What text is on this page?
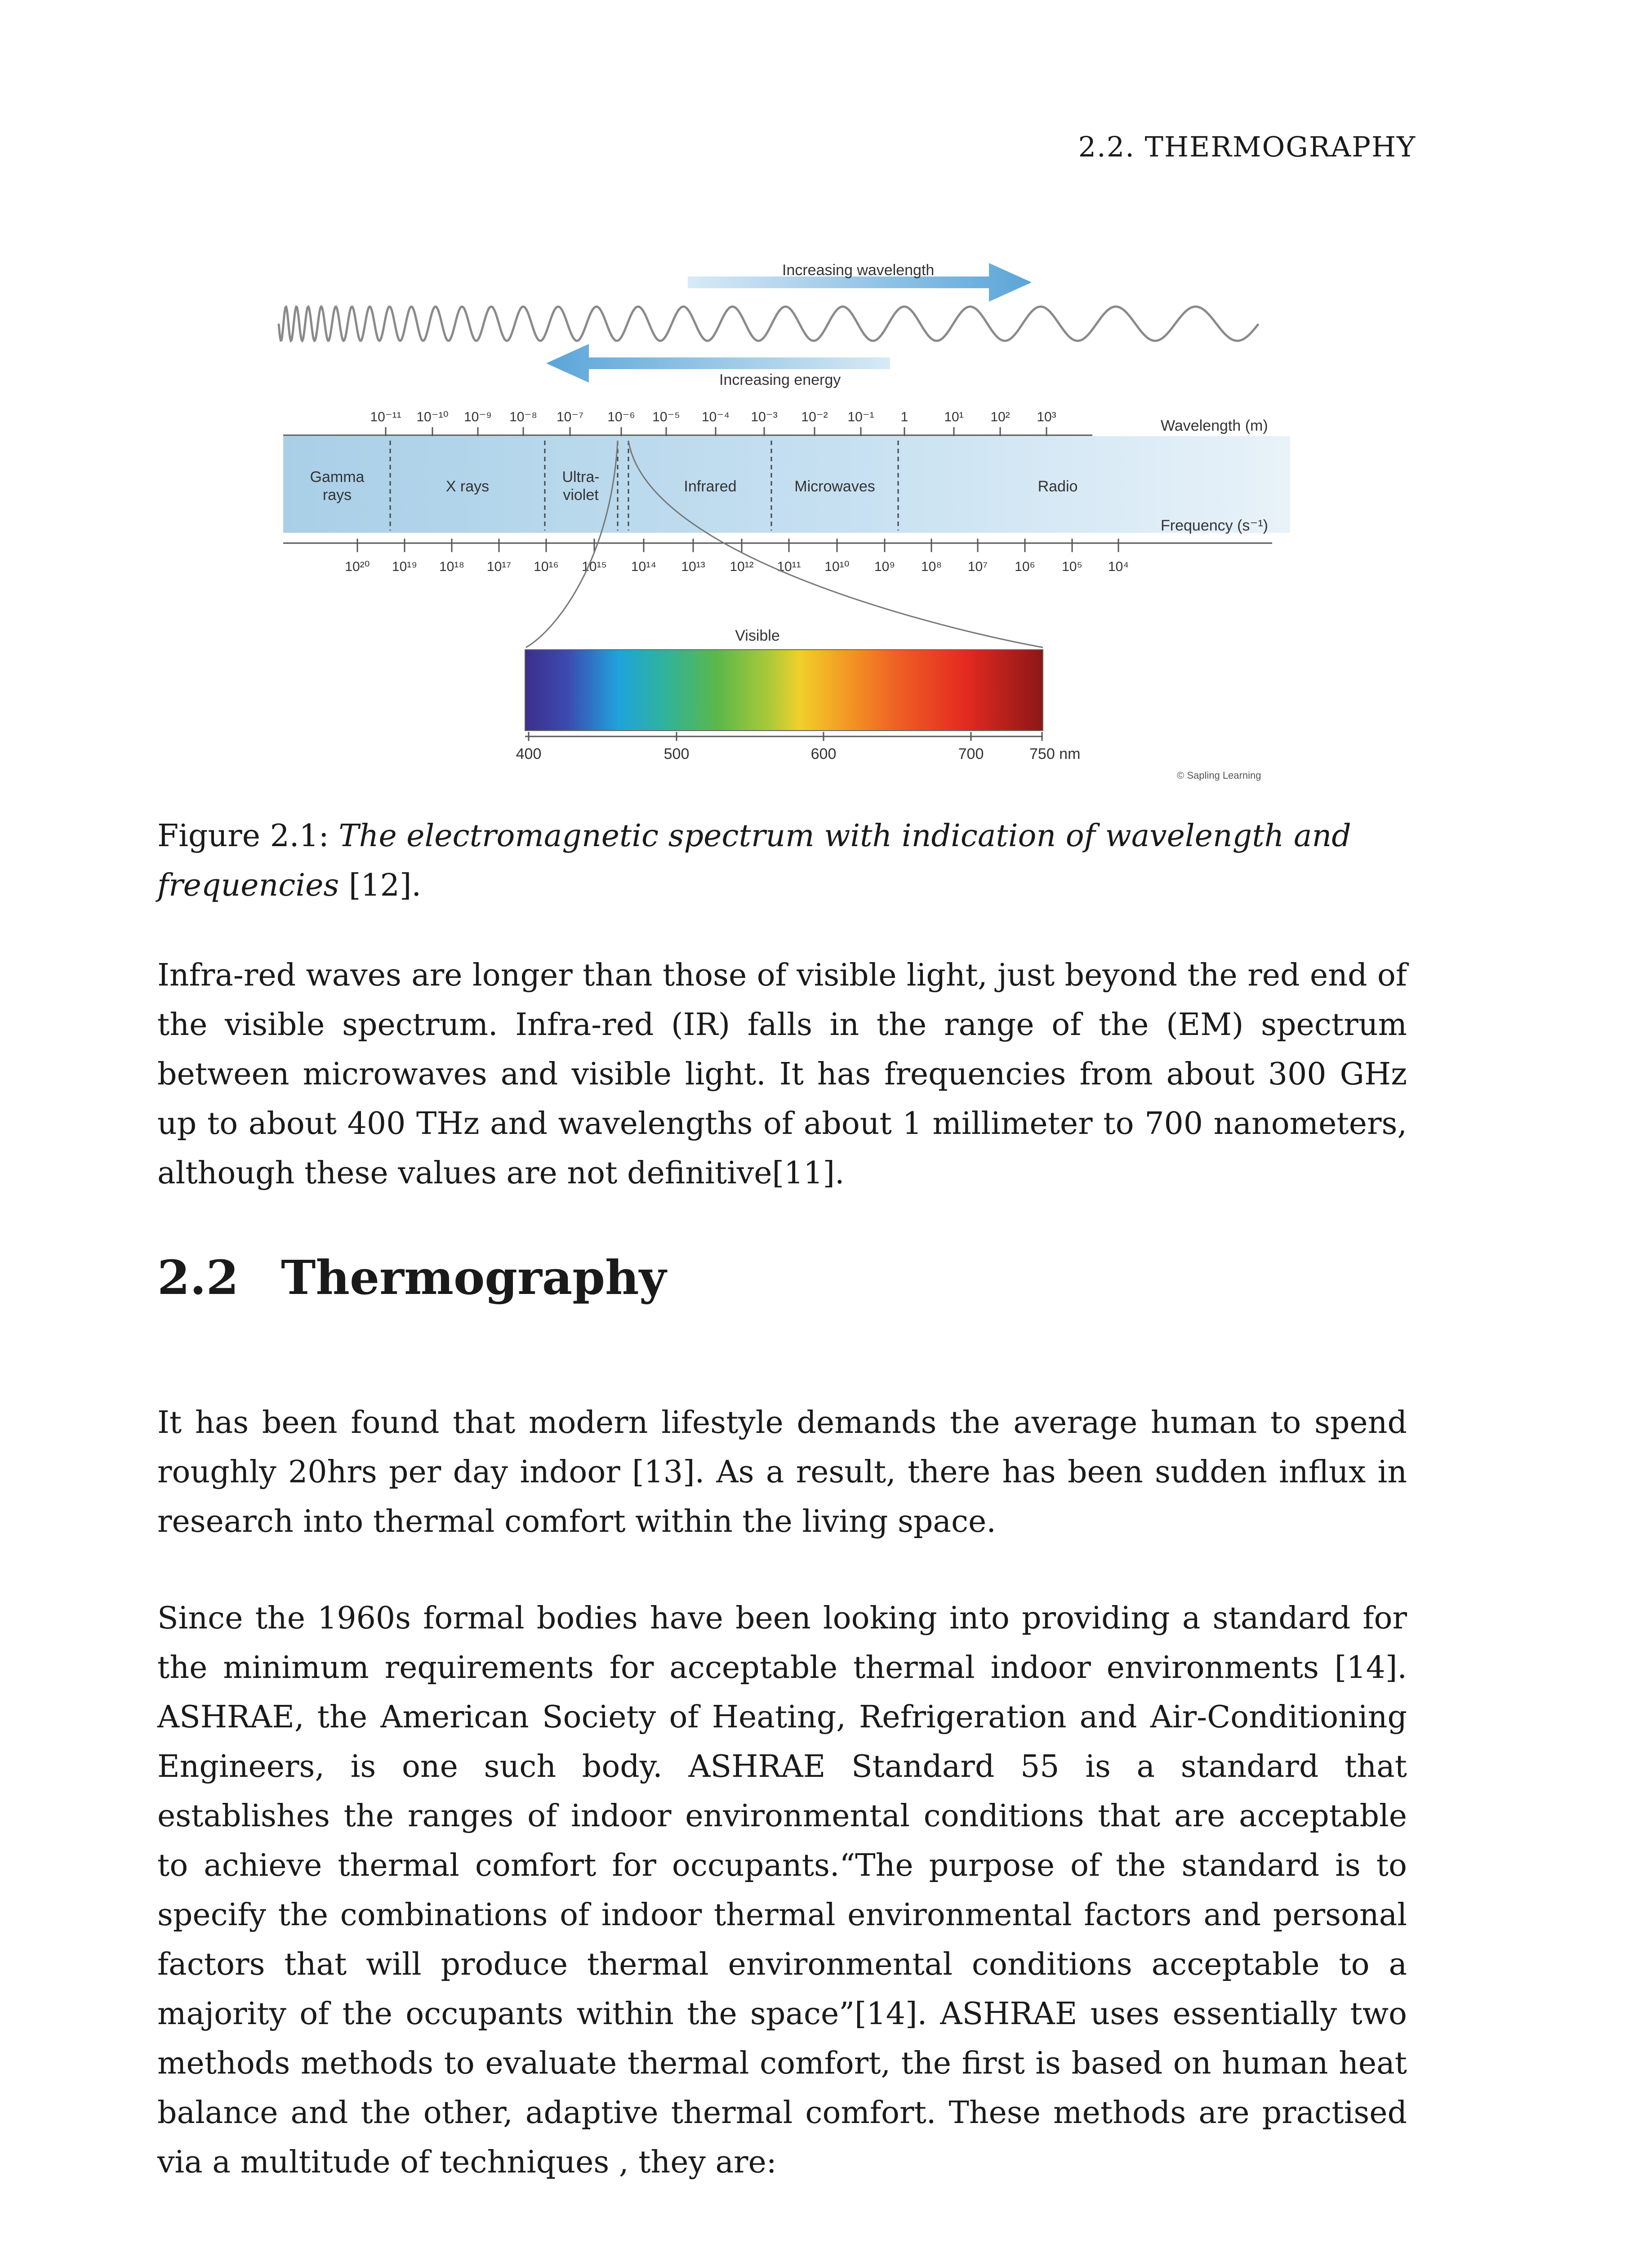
2.2. THERMOGRAPHY
Increasing wavelength
Increasing energy
10⁻¹¹ 10⁻¹⁰ 10⁻⁹ 10⁻⁸ 10⁻⁷ 10⁻⁶ 10⁻⁵ 10⁻⁴ 10⁻³ 10⁻² 10⁻¹ 1	10¹ 10² 10³
Wavelength (m)
Gamma
rays	X rays
Ultra-
violet	Infrared	Microwaves	Radio
Frequency (s⁻¹)
10²⁰ 10¹⁹ 10¹⁸ 10¹⁷ 10¹⁶ 10¹⁵ 10¹⁴ 10¹³ 10¹² 10¹¹ 10¹⁰ 10⁹ 10⁸ 10⁷ 10⁶ 10⁵ 10⁴
Visible
400	500	600	700	750 nm
© Sapling Learning
Figure 2.1: The electromagnetic spectrum with indication of wavelength and frequencies [12].

Infra-red waves are longer than those of visible light, just beyond the red end of the visible spectrum. Infra-red (IR) falls in the range of the (EM) spectrum between microwaves and visible light. It has frequencies from about 300 GHz up to about 400 THz and wavelengths of about 1 millimeter to 700 nanometers, although these values are not definitive[11].

2.2 Thermography

It has been found that modern lifestyle demands the average human to spend roughly 20hrs per day indoor [13]. As a result, there has been sudden influx in research into thermal comfort within the living space.

Since the 1960s formal bodies have been looking into providing a standard for the minimum requirements for acceptable thermal indoor environments [14]. ASHRAE, the American Society of Heating, Refrigeration and Air-Conditioning Engineers, is one such body. ASHRAE Standard 55 is a standard that establishes the ranges of indoor environmental conditions that are acceptable to achieve thermal comfort for occupants.“The purpose of the standard is to specify the combinations of indoor thermal environmental factors and personal factors that will produce thermal environmental conditions acceptable to a majority of the occupants within the space”[14]. ASHRAE uses essentially two methods methods to evaluate thermal comfort, the first is based on human heat balance and the other, adaptive thermal comfort. These methods are practised via a multitude of techniques , they are:
